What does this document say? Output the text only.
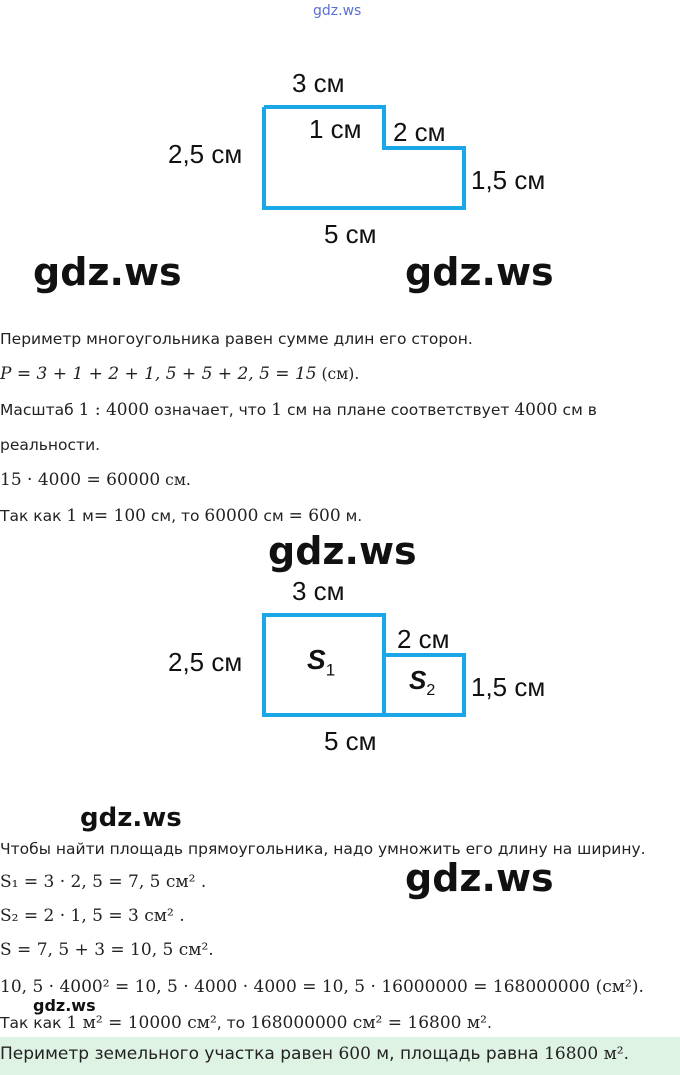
gdz.ws
3 см
1 см 2 см
2,5 см
1,5 см
5 см
gdz.ws	gdz.ws
Периметр многоугольника равен сумме длин его сторон.
P = 3 + 1 + 2 + 1, 5 + 5 + 2, 5 = 15 (см).
Масштаб 1 : 4000 означает, что 1 см на плане соответствует 4000 см в
реальности.
15 · 4000 = 60000 см.
Так как 1 м= 100 см, то 60000 см = 600 м.
gdz.ws
3 см
2 см
2,5 см
1,5 см
5 см
$S_1$	$S_2$
gdz.ws
Чтобы найти площадь прямоугольника, надо умножить его длину на ширину.
S₁ = 3 · 2, 5 = 7, 5 см² .	gdz.ws
S₂ = 2 · 1, 5 = 3 см² .
S = 7, 5 + 3 = 10, 5 см².
10, 5 · 4000² = 10, 5 · 4000 · 4000 = 10, 5 · 16000000 = 168000000 (см²).
gdz.ws
Так как 1 м² = 10000 см², то 168000000 см² = 16800 м².
Периметр земельного участка равен 600 м, площадь равна 16800 м².
